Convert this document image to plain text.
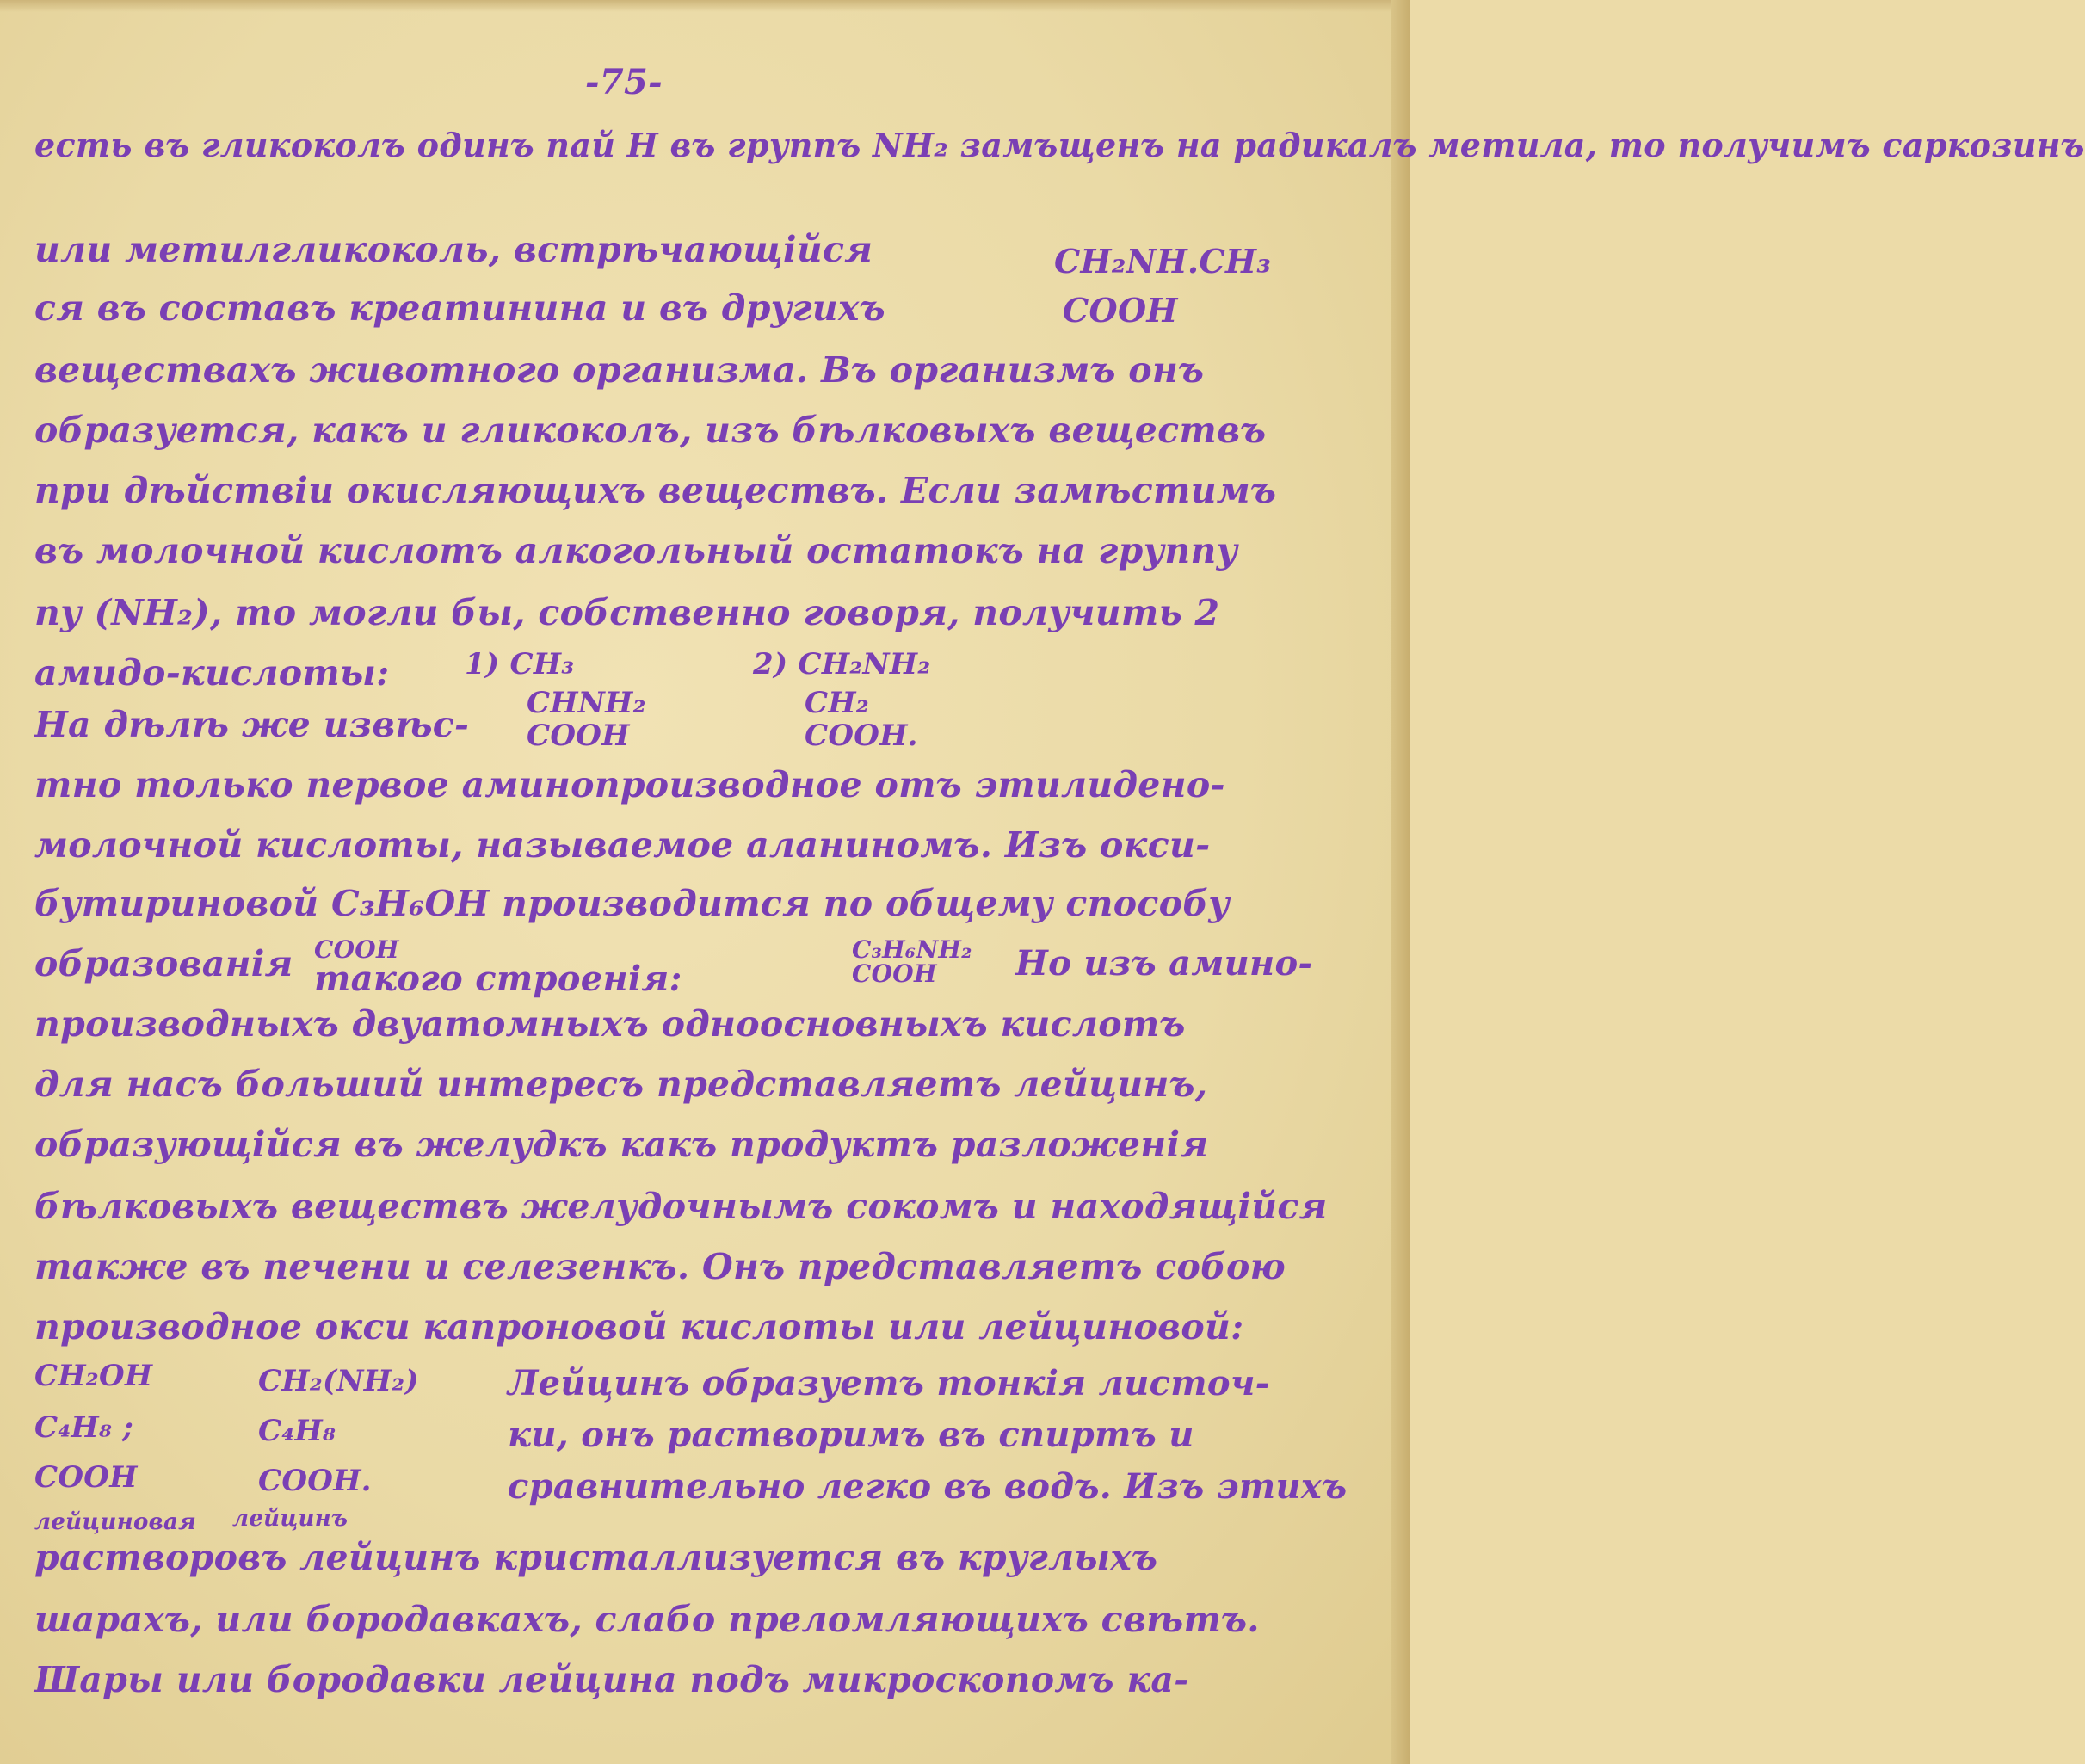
-75-
есть въ гликоколъ одинъ пай Н въ группъ NН₂ замъщенъ на радикалъ метила, то получимъ саркозинъ
или метилгликоколь, встрѣчающійся	CH₂NH.CH₃
ся въ составъ креатинина и въ другихъ	COOH
веществахъ животного организма. Въ организмъ онъ
образуется, какъ и гликоколъ, изъ бѣлковыхъ веществъ
при дѣйствіи окисляющихъ веществъ. Если замѣстимъ
въ молочной кислотъ алкогольный остатокъ на группу
пу (NH₂), то могли бы, собственно говоря, получить 2
амидо-кислоты:	1) CH₃	2) CH₂NH₂
На дѣлѣ же извѣс-
CHNH₂	CH₂
COOH	COOH.
тно только первое аминопроизводное отъ этилидено-
молочной кислоты, называемое аланиномъ. Изъ окси-
бутириновой C₃H₆OH производится по общему способу
образованія COOH
такого строенія:
C₃H₆NH₂
COOH Но изъ амино-
производныхъ двуатомныхъ одноосновныхъ кислотъ
для насъ больший интересъ представляетъ лейцинъ,
образующійся въ желудкъ какъ продуктъ разложенія
бѣлковыхъ веществъ желудочнымъ сокомъ и находящійся
также въ печени и селезенкъ. Онъ представляетъ собою
производное окси капроновой кислоты или лейциновой:
CH₂OH
C₄H₈ ;
COOH
CH₂(NH₂)
C₄H₈
COOH.
Лейцинъ образуетъ тонкія листоч-
ки, онъ растворимъ въ спиртъ и
сравнительно легко въ водъ. Изъ этихъ
лейциновая лейцинъ
растворовъ лейцинъ кристаллизуется въ круглыхъ
шарахъ, или бородавкахъ, слабо преломляющихъ свѣтъ.
Шары или бородавки лейцина подъ микроскопомъ ка-
